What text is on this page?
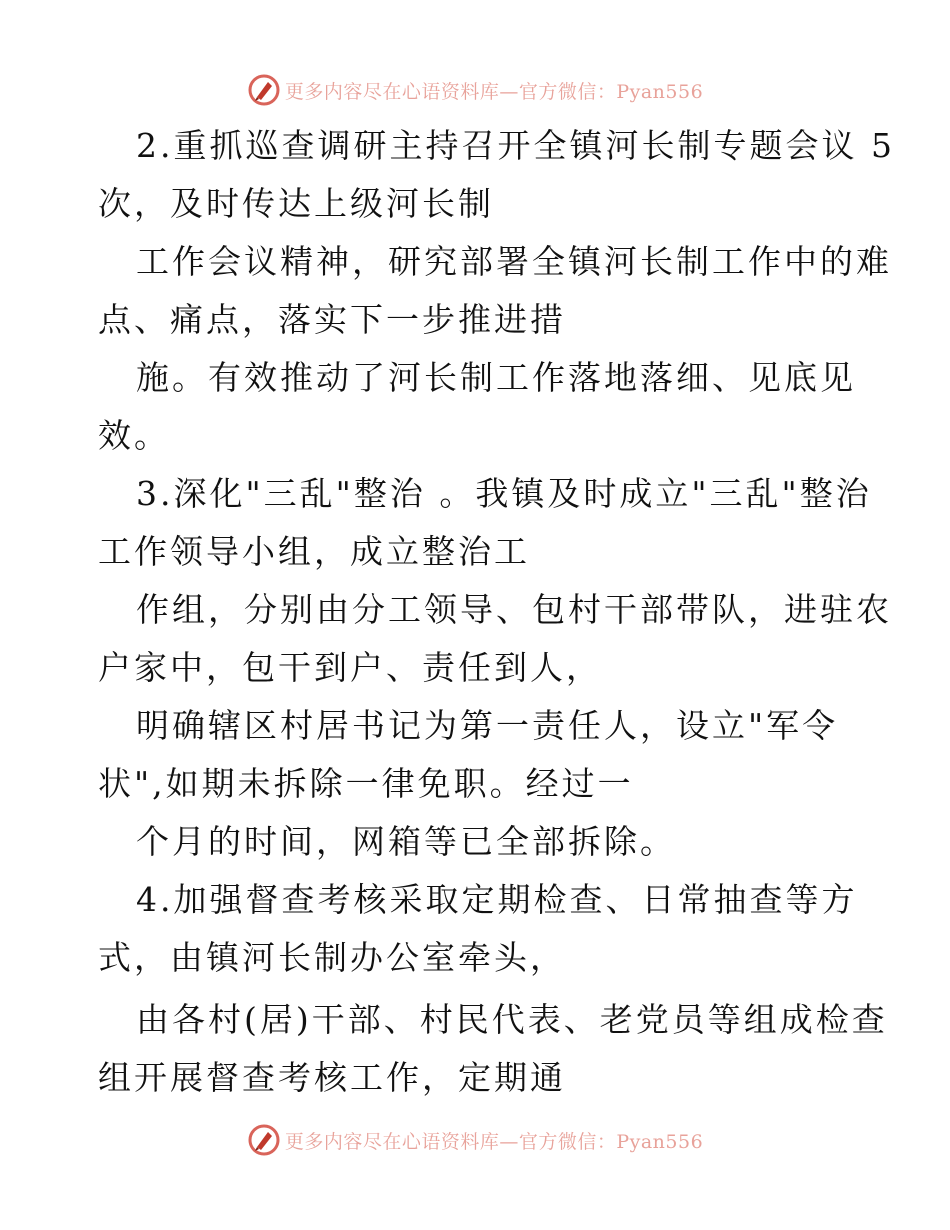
更多内容尽在心语资料库—官方微信：Pyan556
2.重抓巡查调研主持召开全镇河长制专题会议 5
次，及时传达上级河长制
工作会议精神，研究部署全镇河长制工作中的难
点、痛点，落实下一步推进措
施。有效推动了河长制工作落地落细、见底见
效。
3.深化"三乱"整治 。我镇及时成立"三乱"整治
工作领导小组，成立整治工
作组，分别由分工领导、包村干部带队，进驻农
户家中，包干到户、责任到人，
明确辖区村居书记为第一责任人，设立"军令
状",如期未拆除一律免职。经过一
个月的时间，网箱等已全部拆除。
4.加强督查考核采取定期检查、日常抽查等方
式，由镇河长制办公室牵头，
由各村(居)干部、村民代表、老党员等组成检查
组开展督查考核工作，定期通
更多内容尽在心语资料库—官方微信：Pyan556
